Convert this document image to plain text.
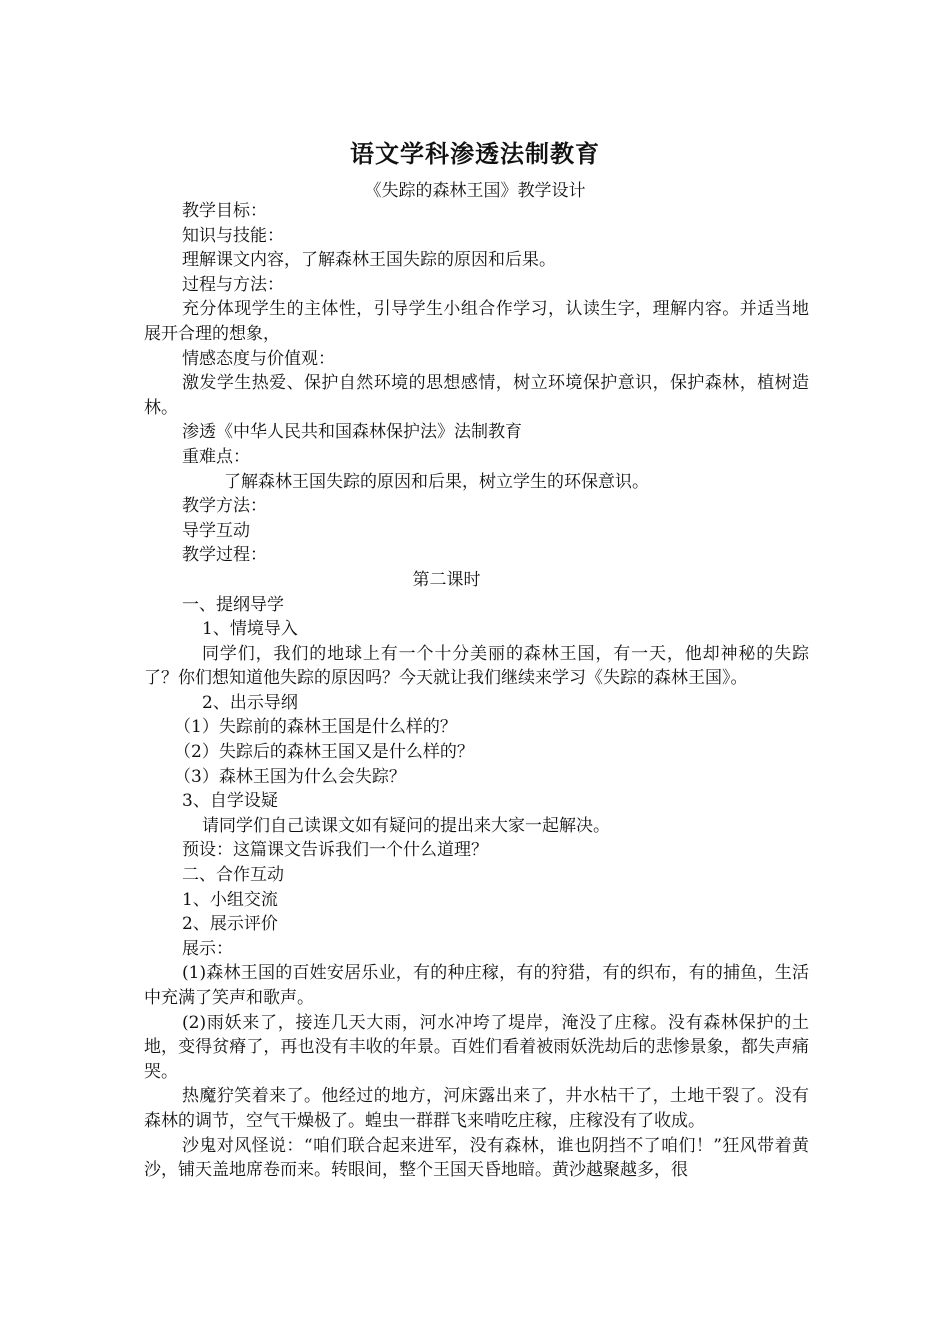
语文学科渗透法制教育
《失踪的森林王国》教学设计

教学目标：

知识与技能：

理解课文内容，了解森林王国失踪的原因和后果。

过程与方法：

充分体现学生的主体性，引导学生小组合作学习，认读生字，理解内容。并适当地展开合理的想象，

情感态度与价值观：

激发学生热爱、保护自然环境的思想感情，树立环境保护意识，保护森林，植树造林。

渗透《中华人民共和国森林保护法》法制教育

重难点：

了解森林王国失踪的原因和后果，树立学生的环保意识。

教学方法：

导学互动

教学过程：

第二课时

一、提纲导学

1、情境导入

同学们，我们的地球上有一个十分美丽的森林王国，有一天，他却神秘的失踪了？你们想知道他失踪的原因吗？今天就让我们继续来学习《失踪的森林王国》。

2、出示导纲

（1）失踪前的森林王国是什么样的？

（2）失踪后的森林王国又是什么样的？

（3）森林王国为什么会失踪？

3、自学设疑

请同学们自己读课文如有疑问的提出来大家一起解决。

预设：这篇课文告诉我们一个什么道理？

二、合作互动

1、小组交流

2、展示评价

展示：

(1)森林王国的百姓安居乐业，有的种庄稼，有的狩猎，有的织布，有的捕鱼，生活中充满了笑声和歌声。

(2)雨妖来了，接连几天大雨，河水冲垮了堤岸，淹没了庄稼。没有森林保护的土地，变得贫瘠了，再也没有丰收的年景。百姓们看着被雨妖洗劫后的悲惨景象，都失声痛哭。

热魔狞笑着来了。他经过的地方，河床露出来了，井水枯干了，土地干裂了。没有森林的调节，空气干燥极了。蝗虫一群群飞来啃吃庄稼，庄稼没有了收成。

沙鬼对风怪说：“咱们联合起来进军，没有森林，谁也阴挡不了咱们！”狂风带着黄沙，铺天盖地席卷而来。转眼间，整个王国天昏地暗。黄沙越聚越多，很
